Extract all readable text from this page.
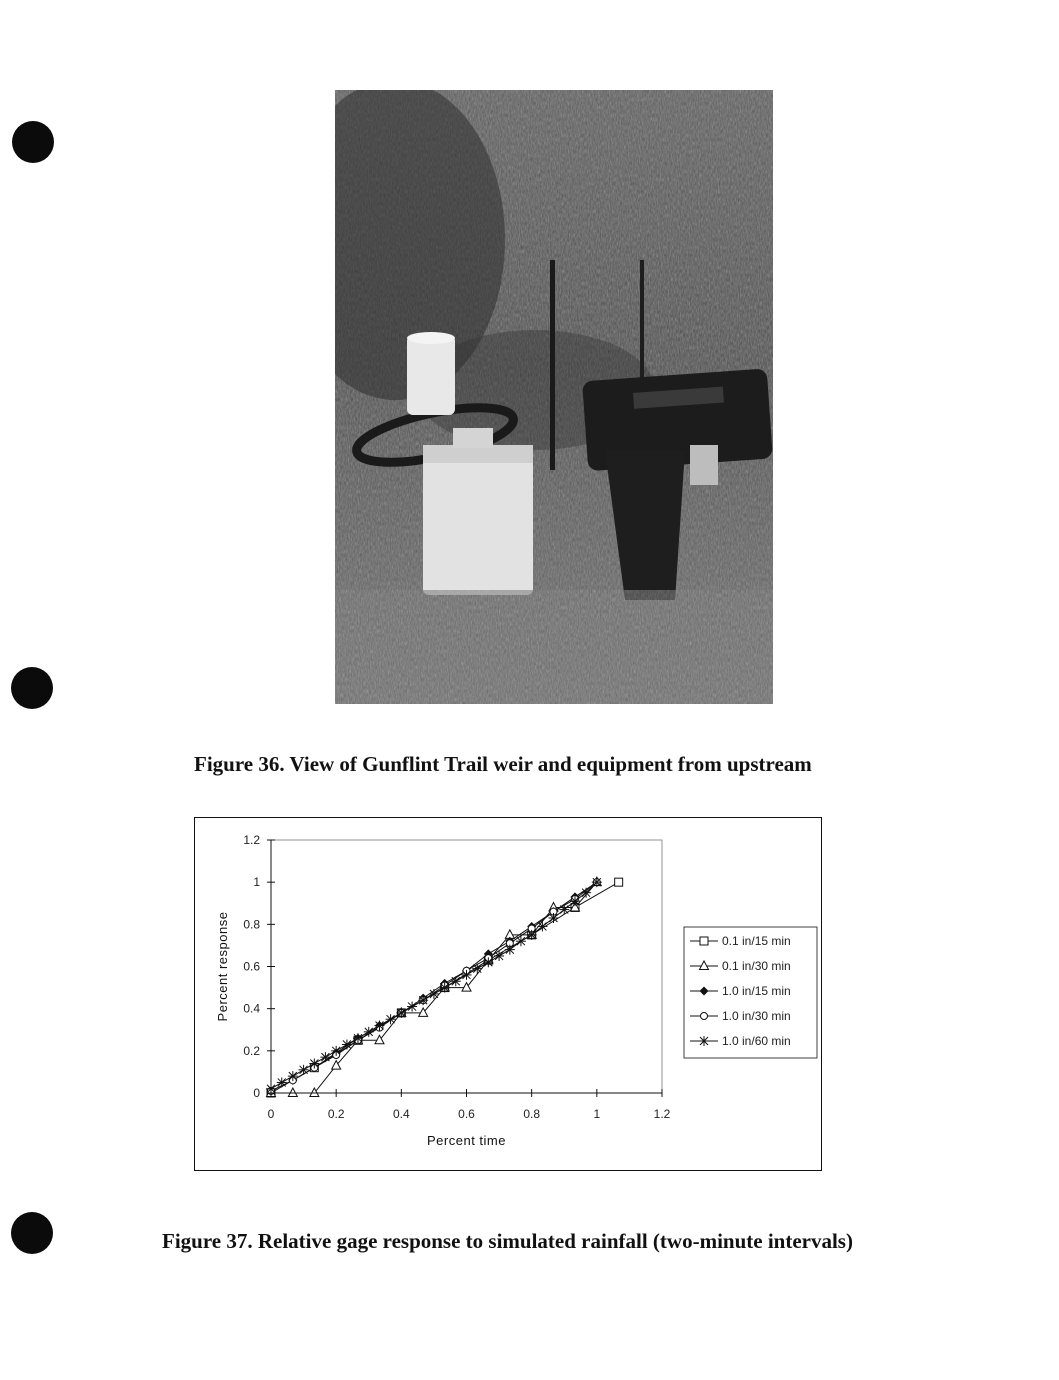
Figure 36. View of Gunflint Trail weir and equipment from upstream

0	0.2	0.4	0.6	0.8	1	1.2
0
0.2
0.4
0.6
0.8
1
1.2
Percent time
Percent response	0.1 in/15 min
0.1 in/30 min
1.0 in/15 min
1.0 in/30 min
1.0 in/60 min

Figure 37. Relative gage response to simulated rainfall (two-minute intervals)
